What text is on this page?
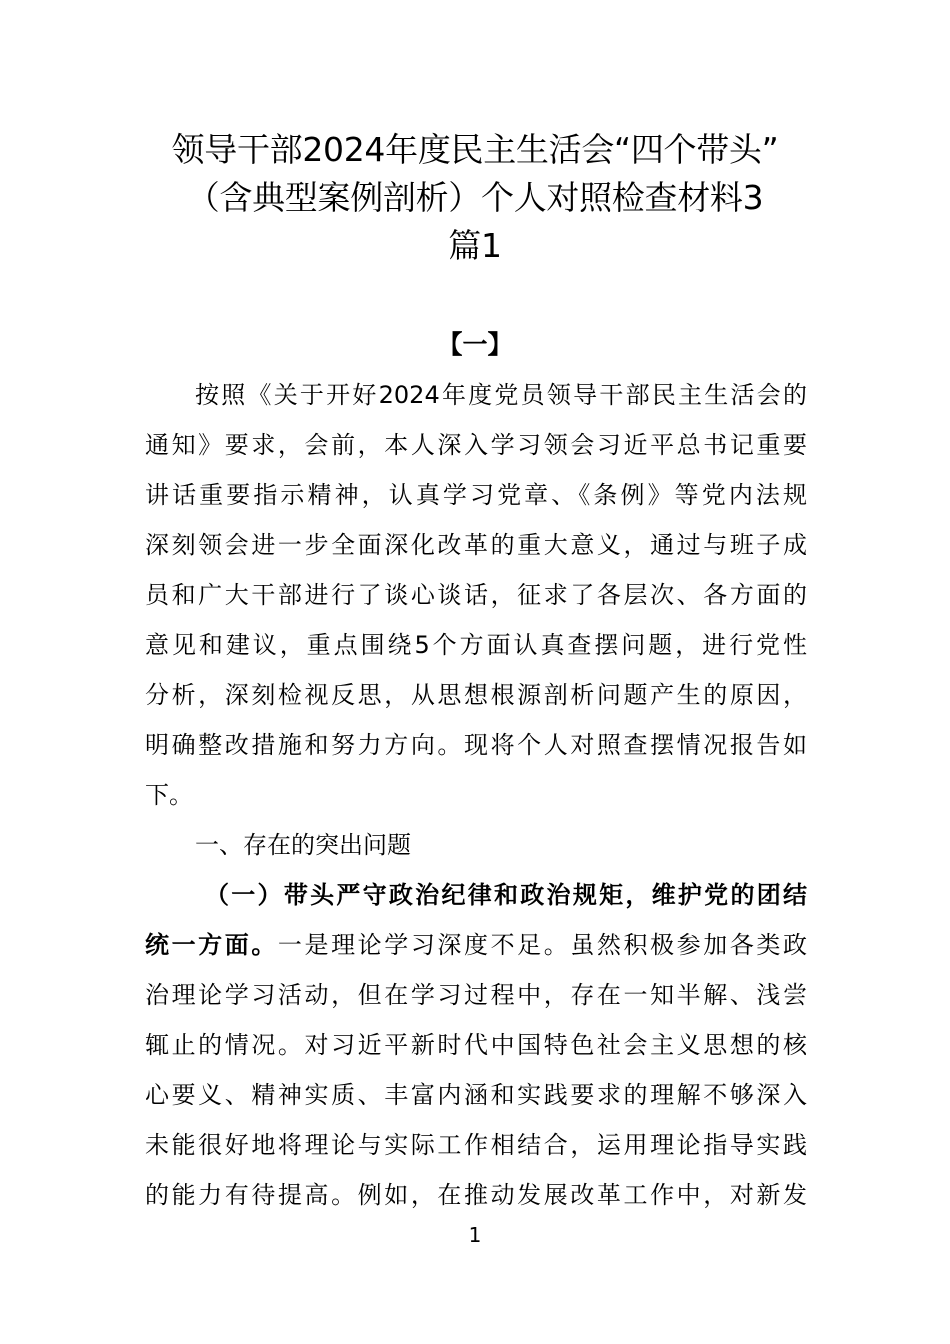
领导干部2024年度民主生活会“四个带头”
（含典型案例剖析）个人对照检查材料3
篇1
【一】
按照《关于开好2024年度党员领导干部民主生活会的
通知》要求，会前，本人深入学习领会习近平总书记重要
讲话重要指示精神，认真学习党章、《条例》等党内法规
深刻领会进一步全面深化改革的重大意义，通过与班子成
员和广大干部进行了谈心谈话，征求了各层次、各方面的
意见和建议，重点围绕5个方面认真查摆问题，进行党性
分析，深刻检视反思，从思想根源剖析问题产生的原因，
明确整改措施和努力方向。现将个人对照查摆情况报告如
下。
一、存在的突出问题
（一）带头严守政治纪律和政治规矩，维护党的团结
统一方面。一是理论学习深度不足。虽然积极参加各类政
治理论学习活动，但在学习过程中，存在一知半解、浅尝
辄止的情况。对习近平新时代中国特色社会主义思想的核
心要义、精神实质、丰富内涵和实践要求的理解不够深入
未能很好地将理论与实际工作相结合，运用理论指导实践
的能力有待提高。例如，在推动发展改革工作中，对新发
1
